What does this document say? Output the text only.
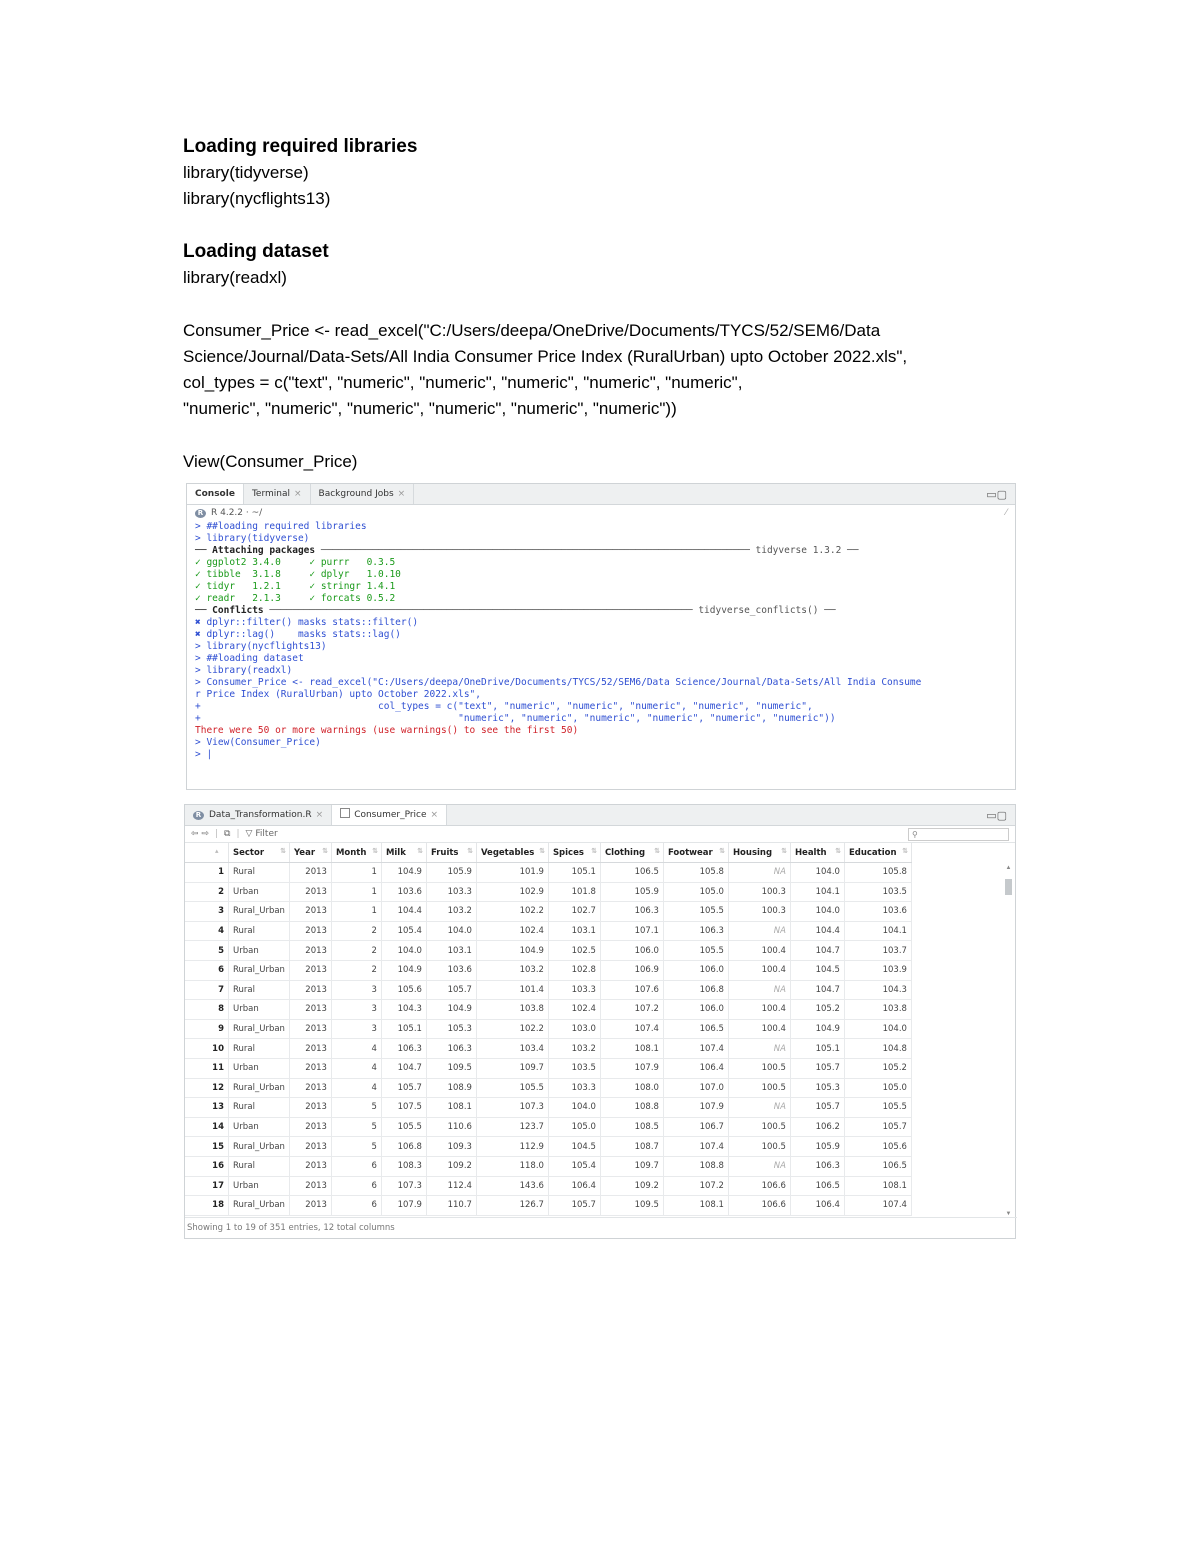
Loading required libraries

library(tidyverse)

library(nycflights13)

Loading dataset

library(readxl)

Consumer_Price <- read_excel("C:/Users/deepa/OneDrive/Documents/TYCS/52/SEM6/Data

Science/Journal/Data-Sets/All India Consumer Price Index (RuralUrban) upto October 2022.xls",

col_types = c("text", "numeric", "numeric", "numeric", "numeric", "numeric",

"numeric", "numeric", "numeric", "numeric", "numeric", "numeric"))

View(Consumer_Price)

Console	Terminal ×	Background Jobs ×	▭▢
R R 4.2.2 · ~/	⁄
> ##loading required libraries
> library(tidyverse)
── Attaching packages ─────────────────────────────────────────────────────────────────────────── tidyverse 1.3.2 ──
✓ ggplot2 3.4.0     ✓ purrr   0.3.5
✓ tibble  3.1.8     ✓ dplyr   1.0.10
✓ tidyr   1.2.1     ✓ stringr 1.4.1
✓ readr   2.1.3     ✓ forcats 0.5.2
── Conflicts ────────────────────────────────────────────────────────────────────────── tidyverse_conflicts() ──
✖ dplyr::filter() masks stats::filter()
✖ dplyr::lag()    masks stats::lag()
> library(nycflights13)
> ##loading dataset
> library(readxl)
> Consumer_Price <- read_excel("C:/Users/deepa/OneDrive/Documents/TYCS/52/SEM6/Data Science/Journal/Data-Sets/All India Consume
r Price Index (RuralUrban) upto October 2022.xls",
+                               col_types = c("text", "numeric", "numeric", "numeric", "numeric", "numeric",
+                                             "numeric", "numeric", "numeric", "numeric", "numeric", "numeric"))
There were 50 or more warnings (use warnings() to see the first 50)
> View(Consumer_Price)
> |
R Data_Transformation.R ×	Consumer_Price ×	▭▢
⇦ ⇨ | ⧉ | ▽ Filter	⚲
▴	Sector ⇅	Year ⇅	Month ⇅	Milk ⇅	Fruits ⇅	Vegetables ⇅	Spices ⇅	Clothing ⇅	Footwear ⇅	Housing ⇅	Health ⇅	Education ⇅

1	Rural	2013	1	104.9	105.9	101.9	105.1	106.5	105.8	NA	104.0	105.8
2	Urban	2013	1	103.6	103.3	102.9	101.8	105.9	105.0	100.3	104.1	103.5
3	Rural_Urban	2013	1	104.4	103.2	102.2	102.7	106.3	105.5	100.3	104.0	103.6
4	Rural	2013	2	105.4	104.0	102.4	103.1	107.1	106.3	NA	104.4	104.1
5	Urban	2013	2	104.0	103.1	104.9	102.5	106.0	105.5	100.4	104.7	103.7
6	Rural_Urban	2013	2	104.9	103.6	103.2	102.8	106.9	106.0	100.4	104.5	103.9
7	Rural	2013	3	105.6	105.7	101.4	103.3	107.6	106.8	NA	104.7	104.3
8	Urban	2013	3	104.3	104.9	103.8	102.4	107.2	106.0	100.4	105.2	103.8
9	Rural_Urban	2013	3	105.1	105.3	102.2	103.0	107.4	106.5	100.4	104.9	104.0
10	Rural	2013	4	106.3	106.3	103.4	103.2	108.1	107.4	NA	105.1	104.8
11	Urban	2013	4	104.7	109.5	109.7	103.5	107.9	106.4	100.5	105.7	105.2
12	Rural_Urban	2013	4	105.7	108.9	105.5	103.3	108.0	107.0	100.5	105.3	105.0
13	Rural	2013	5	107.5	108.1	107.3	104.0	108.8	107.9	NA	105.7	105.5
14	Urban	2013	5	105.5	110.6	123.7	105.0	108.5	106.7	100.5	106.2	105.7
15	Rural_Urban	2013	5	106.8	109.3	112.9	104.5	108.7	107.4	100.5	105.9	105.6
16	Rural	2013	6	108.3	109.2	118.0	105.4	109.7	108.8	NA	106.3	106.5
17	Urban	2013	6	107.3	112.4	143.6	106.4	109.2	107.2	106.6	106.5	108.1
18	Rural_Urban	2013	6	107.9	110.7	126.7	105.7	109.5	108.1	106.6	106.4	107.4
▲
▼
Showing 1 to 19 of 351 entries, 12 total columns
